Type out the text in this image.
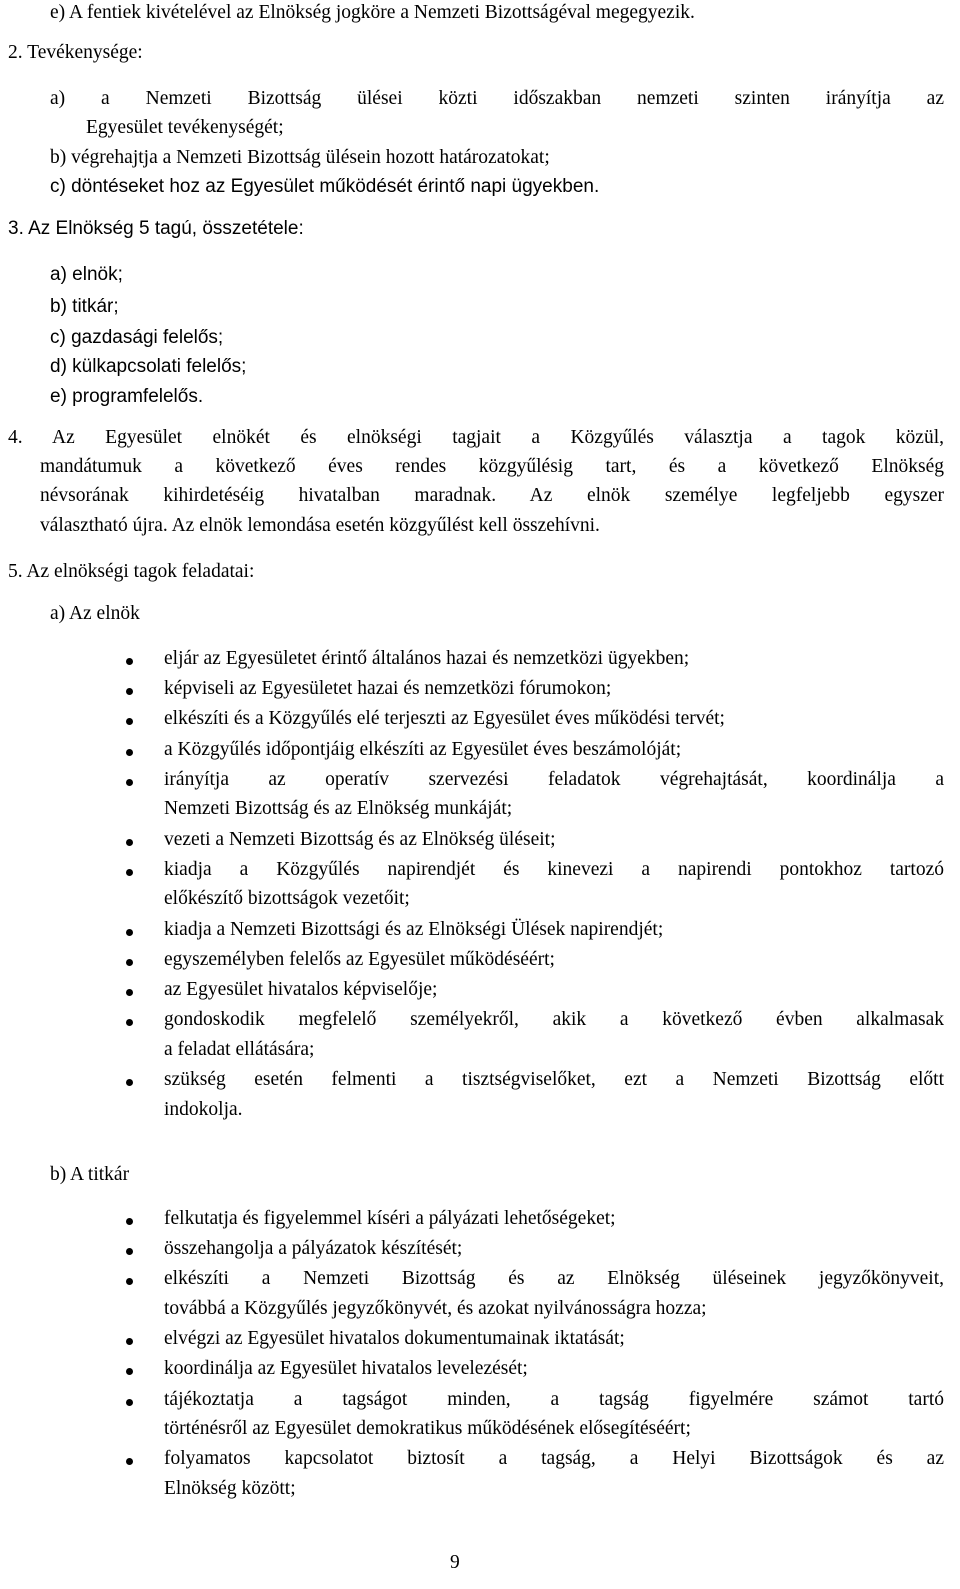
e) A fentiek kivételével az Elnökség jogköre a Nemzeti Bizottságéval megegyezik.
2. Tevékenysége:
a) a Nemzeti Bizottság ülései közti időszakban nemzeti szinten irányítja az
Egyesület tevékenységét;
b) végrehajtja a Nemzeti Bizottság ülésein hozott határozatokat;
c) döntéseket hoz az Egyesület működését érintő napi ügyekben.
3. Az Elnökség 5 tagú, összetétele:
a) elnök;
b) titkár;
c) gazdasági felelős;
d) külkapcsolati felelős;
e) programfelelős.
4. Az Egyesület elnökét és elnökségi tagjait a Közgyűlés választja a tagok közül,
mandátumuk a következő éves rendes közgyűlésig tart, és a következő Elnökség
névsorának kihirdetéséig hivatalban maradnak. Az elnök személye legfeljebb egyszer
választható újra. Az elnök lemondása esetén közgyűlést kell összehívni.
5. Az elnökségi tagok feladatai:
a) Az elnök
eljár az Egyesületet érintő általános hazai és nemzetközi ügyekben;
képviseli az Egyesületet hazai és nemzetközi fórumokon;
elkészíti és a Közgyűlés elé terjeszti az Egyesület éves működési tervét;
a Közgyűlés időpontjáig elkészíti az Egyesület éves beszámolóját;
irányítja az operatív szervezési feladatok végrehajtását, koordinálja a
Nemzeti Bizottság és az Elnökség munkáját;
vezeti a Nemzeti Bizottság és az Elnökség üléseit;
kiadja a Közgyűlés napirendjét és kinevezi a napirendi pontokhoz tartozó
előkészítő bizottságok vezetőit;
kiadja a Nemzeti Bizottsági és az Elnökségi Ülések napirendjét;
egyszemélyben felelős az Egyesület működéséért;
az Egyesület hivatalos képviselője;
gondoskodik megfelelő személyekről, akik a következő évben alkalmasak
a feladat ellátására;
szükség esetén felmenti a tisztségviselőket, ezt a Nemzeti Bizottság előtt
indokolja.
b) A titkár
felkutatja és figyelemmel kíséri a pályázati lehetőségeket;
összehangolja a pályázatok készítését;
elkészíti a Nemzeti Bizottság és az Elnökség üléseinek jegyzőkönyveit,
továbbá a Közgyűlés jegyzőkönyvét, és azokat nyilvánosságra hozza;
elvégzi az Egyesület hivatalos dokumentumainak iktatását;
koordinálja az Egyesület hivatalos levelezését;
tájékoztatja a tagságot minden, a tagság figyelmére számot tartó
történésről az Egyesület demokratikus működésének elősegítéséért;
folyamatos kapcsolatot biztosít a tagság, a Helyi Bizottságok és az
Elnökség között;
9
